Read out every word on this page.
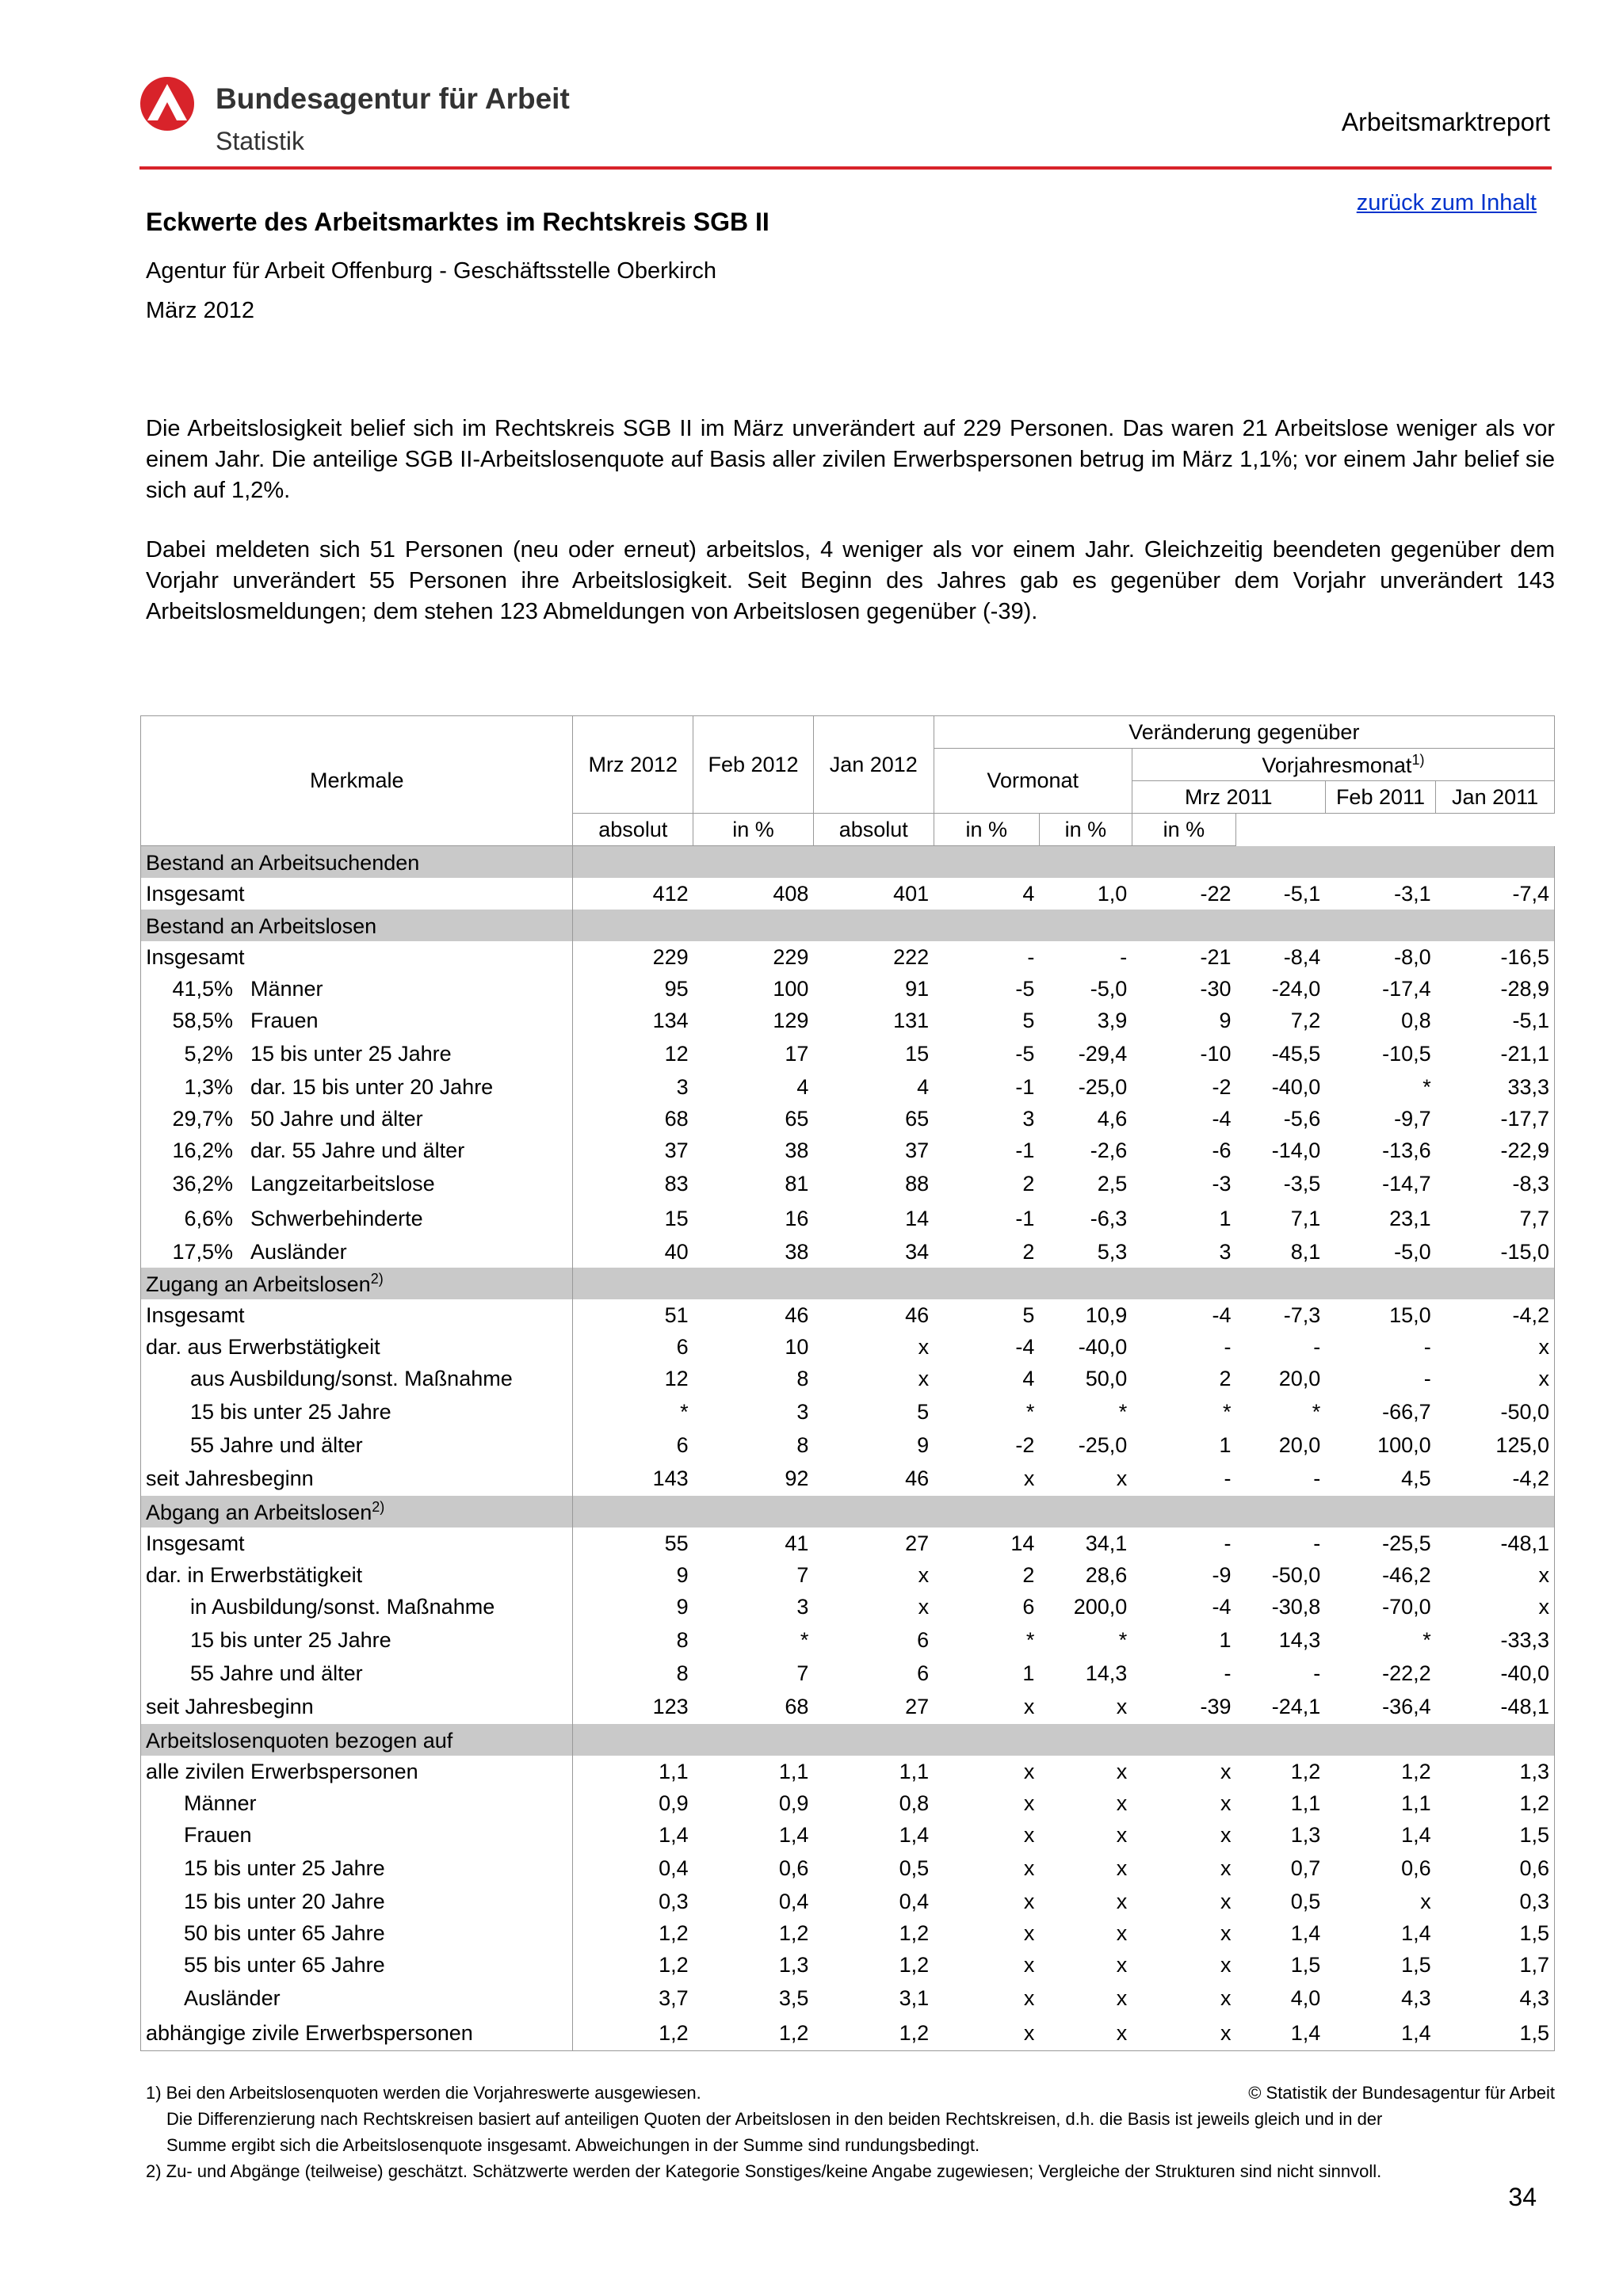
Bundesagentur für Arbeit
Statistik
Arbeitsmarktreport
zurück zum Inhalt
Eckwerte des Arbeitsmarktes im Rechtskreis SGB II
Agentur für Arbeit Offenburg - Geschäftsstelle Oberkirch
März 2012

Die Arbeitslosigkeit belief sich im Rechtskreis SGB II im März unverändert auf 229 Personen. Das waren 21 Arbeitslose weniger als vor einem Jahr. Die anteilige SGB II-Arbeitslosenquote auf Basis aller zivilen Erwerbspersonen betrug im März 1,1%; vor einem Jahr belief sie sich auf 1,2%.

Dabei meldeten sich 51 Personen (neu oder erneut) arbeitslos, 4 weniger als vor einem Jahr. Gleichzeitig beendeten gegenüber dem Vorjahr unverändert 55 Personen ihre Arbeitslosigkeit. Seit Beginn des Jahres gab es gegenüber dem Vorjahr unverändert 143 Arbeitslosmeldungen; dem stehen 123 Abmeldungen von Arbeitslosen gegenüber (-39).

Merkmale	Mrz 2012	Feb 2012	Jan 2012	Veränderung gegenüber					
				Vormonat		Vorjahresmonat$^{1)}$
						Mrz 2011		Feb 2011	Jan 2011
	absolut	in %	absolut	in %	in %	in %			
Bestand an Arbeitsuchenden									
Insgesamt	412	408	401	4	1,0	-22	-5,1	-3,1	-7,4
Bestand an Arbeitslosen									
Insgesamt	229	229	222	-	-	-21	-8,4	-8,0	-16,5
41,5% Männer	95	100	91	-5	-5,0	-30	-24,0	-17,4	-28,9
58,5% Frauen	134	129	131	5	3,9	9	7,2	0,8	-5,1
5,2% 15 bis unter 25 Jahre	12	17	15	-5	-29,4	-10	-45,5	-10,5	-21,1
1,3% dar. 15 bis unter 20 Jahre	3	4	4	-1	-25,0	-2	-40,0	*	33,3
29,7% 50 Jahre und älter	68	65	65	3	4,6	-4	-5,6	-9,7	-17,7
16,2% dar. 55 Jahre und älter	37	38	37	-1	-2,6	-6	-14,0	-13,6	-22,9
36,2% Langzeitarbeitslose	83	81	88	2	2,5	-3	-3,5	-14,7	-8,3
6,6% Schwerbehinderte	15	16	14	-1	-6,3	1	7,1	23,1	7,7
17,5% Ausländer	40	38	34	2	5,3	3	8,1	-5,0	-15,0
Zugang an Arbeitslosen$^{2)}$	
Insgesamt	51	46	46	5	10,9	-4	-7,3	15,0	-4,2
dar. aus Erwerbstätigkeit	6	10	x	-4	-40,0	-	-	-	x
aus Ausbildung/sonst. Maßnahme	12	8	x	4	50,0	2	20,0	-	x
15 bis unter 25 Jahre	*	3	5	*	*	*	*	-66,7	-50,0
55 Jahre und älter	6	8	9	-2	-25,0	1	20,0	100,0	125,0
seit Jahresbeginn	143	92	46	x	x	-	-	4,5	-4,2
Abgang an Arbeitslosen$^{2)}$	
Insgesamt	55	41	27	14	34,1	-	-	-25,5	-48,1
dar. in Erwerbstätigkeit	9	7	x	2	28,6	-9	-50,0	-46,2	x
in Ausbildung/sonst. Maßnahme	9	3	x	6	200,0	-4	-30,8	-70,0	x
15 bis unter 25 Jahre	8	*	6	*	*	1	14,3	*	-33,3
55 Jahre und älter	8	7	6	1	14,3	-	-	-22,2	-40,0
seit Jahresbeginn	123	68	27	x	x	-39	-24,1	-36,4	-48,1
Arbeitslosenquoten bezogen auf									
alle zivilen Erwerbspersonen	1,1	1,1	1,1	x	x	x	1,2	1,2	1,3
Männer	0,9	0,9	0,8	x	x	x	1,1	1,1	1,2
Frauen	1,4	1,4	1,4	x	x	x	1,3	1,4	1,5
15 bis unter 25 Jahre	0,4	0,6	0,5	x	x	x	0,7	0,6	0,6
15 bis unter 20 Jahre	0,3	0,4	0,4	x	x	x	0,5	x	0,3
50 bis unter 65 Jahre	1,2	1,2	1,2	x	x	x	1,4	1,4	1,5
55 bis unter 65 Jahre	1,2	1,3	1,2	x	x	x	1,5	1,5	1,7
Ausländer	3,7	3,5	3,1	x	x	x	4,0	4,3	4,3
abhängige zivile Erwerbspersonen	1,2	1,2	1,2	x	x	x	1,4	1,4	1,5
1) Bei den Arbeitslosenquoten werden die Vorjahreswerte ausgewiesen.	© Statistik der Bundesagentur für Arbeit
Die Differenzierung nach Rechtskreisen basiert auf anteiligen Quoten der Arbeitslosen in den beiden Rechtskreisen, d.h. die Basis ist jeweils gleich und in der
Summe ergibt sich die Arbeitslosenquote insgesamt. Abweichungen in der Summe sind rundungsbedingt.
2) Zu- und Abgänge (teilweise) geschätzt. Schätzwerte werden der Kategorie Sonstiges/keine Angabe zugewiesen; Vergleiche der Strukturen sind nicht sinnvoll.
34
